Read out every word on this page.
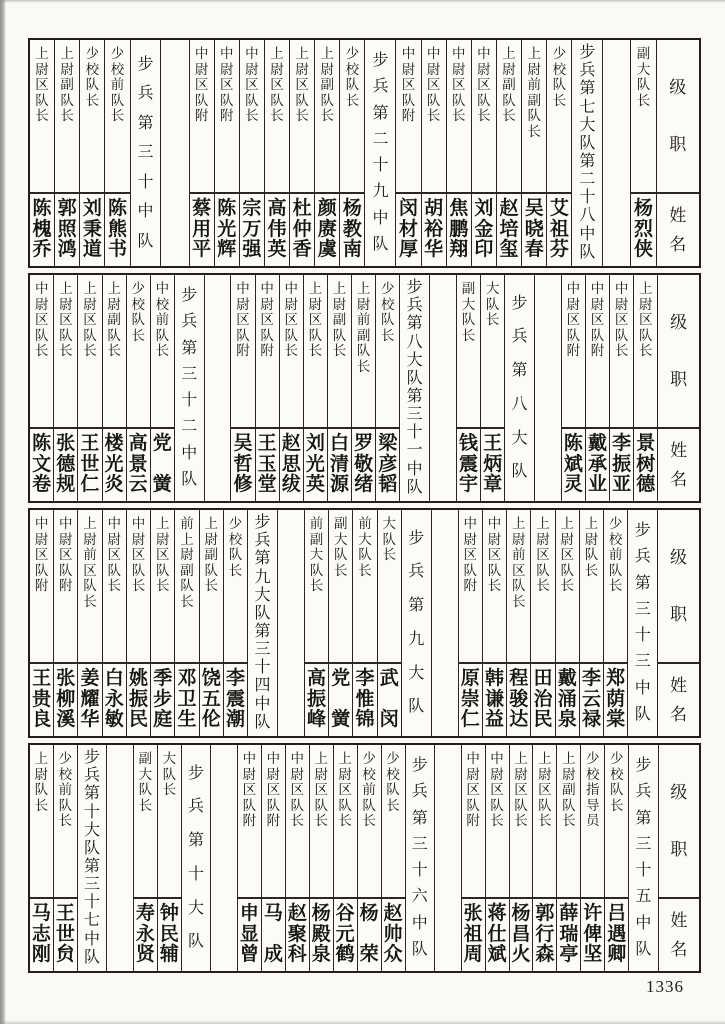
级
职
姓
名
副
大
队
长
杨
烈
侠
步
兵
第
七
大
队
第
二
十
八
中
队
少
校
队
长
艾
祖
芬
上
尉
前
副
队
长
吴
晓
春
上
尉
副
队
长
赵
培
玺
中
尉
区
队
长
刘
金
印
中
尉
区
队
长
焦
鹏
翔
中
尉
区
队
长
胡
裕
华
中
尉
区
队
附
闵
材
厚
步
兵
第
二
十
九
中
队
少
校
队
长
杨
教
南
上
尉
副
队
长
颜
赓
虞
上
尉
区
队
长
杜
仲
香
上
尉
区
队
长
高
伟
英
中
尉
区
队
长
宗
万
强
中
尉
区
队
附
陈
光
辉
中
尉
区
队
附
蔡
用
平
步
兵
第
三
十
中
队
少
校
前
队
长
陈
熊
书
少
校
队
长
刘
秉
道
上
尉
副
队
长
郭
照
鸿
上
尉
区
队
长
陈
槐
乔
级
职
姓
名
上
尉
区
队
长
景
树
德
中
尉
区
队
长
李
振
亚
中
尉
区
队
附
戴
承
业
中
尉
区
队
附
陈
斌
灵
步
兵
第
八
大
队
大
队
长
王
炳
章
副
大
队
长
钱
震
宇
步
兵
第
八
大
队
第
三
十
一
中
队
少
校
队
长
梁
彦
韬
上
尉
前
副
队
长
罗
敬
绪
上
尉
副
队
长
白
清
源
上
尉
区
队
长
刘
光
英
中
尉
区
队
长
赵
思
绂
中
尉
区
队
附
王
玉
堂
中
尉
区
队
附
吴
哲
修
步
兵
第
三
十
二
中
队
中
校
前
队
长
党
黉
少
校
队
长
高
景
云
上
尉
副
队
长
楼
光
炎
上
尉
区
队
长
王
世
仁
上
尉
区
队
长
张
德
规
中
尉
区
队
长
陈
文
卷
级
职
姓
名
步
兵
第
三
十
三
中
队
少
校
前
队
长
郑
荫
棠
上
尉
队
长
李
云
禄
上
尉
区
队
长
戴
涌
泉
上
尉
区
队
长
田
治
民
上
尉
前
区
队
长
程
骏
达
中
尉
区
队
长
韩
谦
益
中
尉
区
队
附
原
崇
仁
步
兵
第
九
大
队
大
队
长
武
闵
前
大
队
长
李
惟
锦
副
大
队
长
党
黉
前
副
大
队
长
高
振
峰
步
兵
第
九
大
队
第
三
十
四
中
队
少
校
队
长
李
震
潮
上
尉
副
队
长
饶
五
伦
前
上
尉
副
队
长
邓
卫
生
上
尉
区
队
长
季
步
庭
中
尉
区
队
长
姚
振
民
中
尉
区
队
长
白
永
敏
上
尉
前
区
队
长
姜
耀
华
中
尉
区
队
附
张
柳
溪
中
尉
区
队
附
王
贵
良
级
职
姓
名
步
兵
第
三
十
五
中
队
少
校
队
长
吕
遇
卿
少
校
指
导
员
许
俾
坚
上
尉
副
队
长
薛
瑞
亭
上
尉
区
队
长
郭
行
森
上
尉
区
队
长
杨
昌
火
中
尉
区
队
长
蒋
仕
斌
中
尉
区
队
附
张
祖
周
步
兵
第
三
十
六
中
队
少
校
队
长
赵
帅
众
少
校
前
队
长
杨
荣
上
尉
区
队
长
谷
元
鹤
上
尉
区
队
长
杨
殿
泉
中
尉
区
队
长
赵
聚
科
中
尉
区
队
附
马
成
中
尉
区
队
附
申
显
曾
步
兵
第
十
大
队
大
队
长
钟
民
辅
副
大
队
长
寿
永
贤
步
兵
第
十
大
队
第
三
十
七
中
队
少
校
前
队
长
王
世
贠
上
尉
队
长
马
志
刚
1336
